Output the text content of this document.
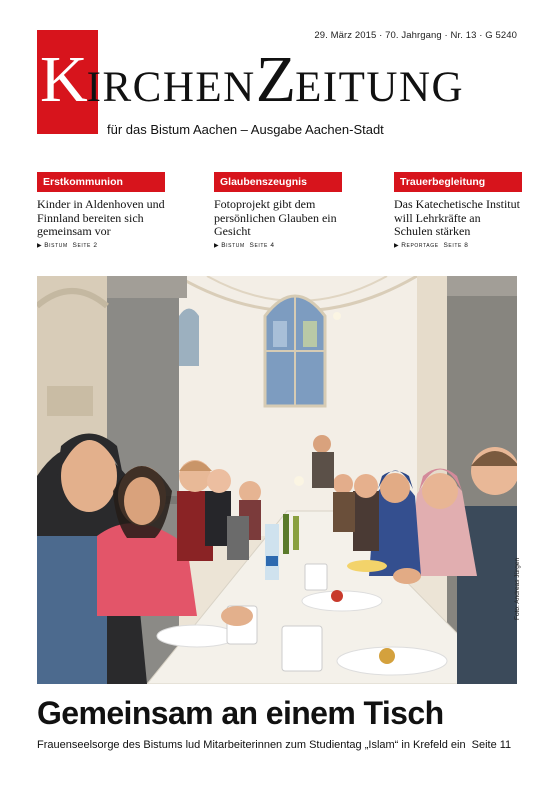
29. März 2015 · 70. Jahrgang · Nr. 13 · G 5240
KIRCHENZEITUNG
für das Bistum Aachen – Ausgabe Aachen-Stadt
Erstkommunion
Kinder in Aldenhoven und Finnland bereiten sich gemeinsam vor
▶ Bistum Seite 2
Glaubenszeugnis
Fotoprojekt gibt dem persönlichen Glauben ein Gesicht
▶ Bistum Seite 4
Trauerbegleitung
Das Katechetische Institut will Lehrkräfte an Schulen stärken
▶ Reportage Seite 8
Foto: Andreas Jürgen
Gemeinsam an einem Tisch
Frauenseelsorge des Bistums lud Mitarbeiterinnen zum Studientag „Islam“ in Krefeld ein Seite 11
